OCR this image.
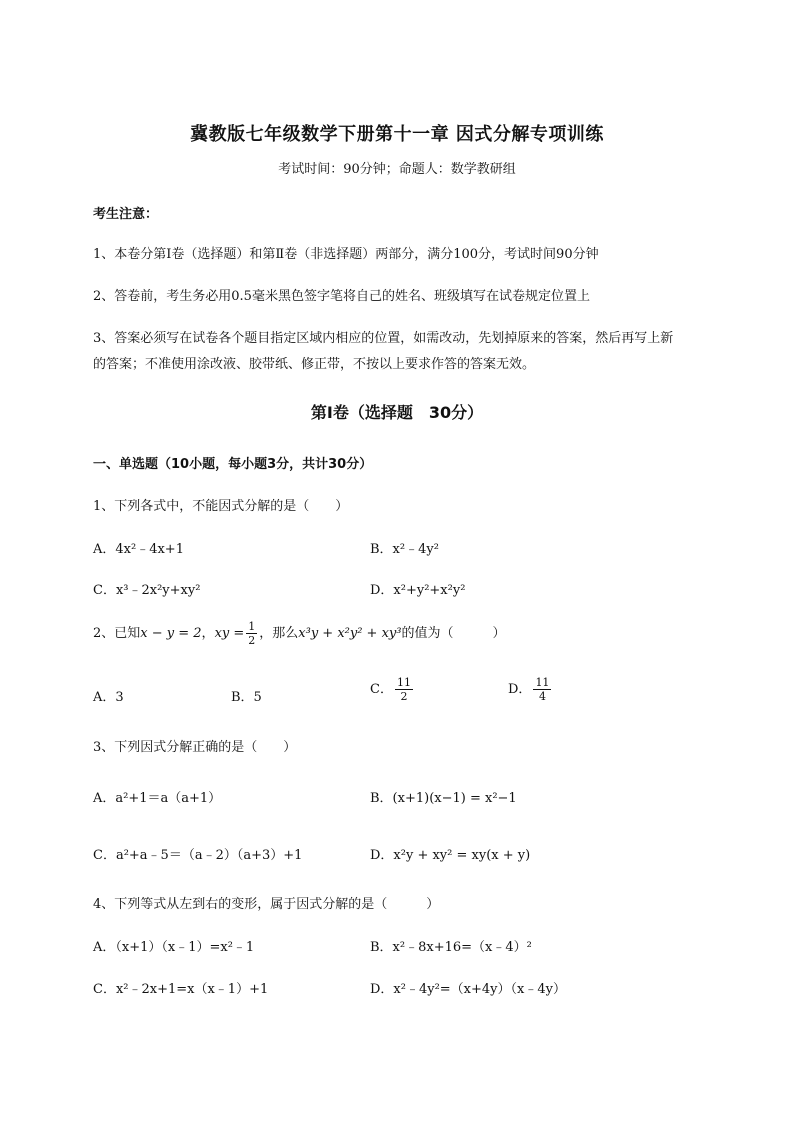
冀教版七年级数学下册第十一章 因式分解专项训练
考试时间：90分钟；命题人：数学教研组
考生注意：
1、本卷分第Ⅰ卷（选择题）和第Ⅱ卷（非选择题）两部分，满分100分，考试时间90分钟
2、答卷前，考生务必用0.5毫米黑色签字笔将自己的姓名、班级填写在试卷规定位置上
3、答案必须写在试卷各个题目指定区域内相应的位置，如需改动，先划掉原来的答案，然后再写上新
的答案；不准使用涂改液、胶带纸、修正带，不按以上要求作答的答案无效。
第Ⅰ卷（选择题　30分）
一、单选题（10小题，每小题3分，共计30分）
1、下列各式中，不能因式分解的是（　　）
A．4x²﹣4x+1	B．x²﹣4y²
C．x³﹣2x²y+xy²	D．x²+y²+x²y²
2、已知x − y = 2，xy = $\frac{1}{2}$ ，那么x³y + x²y² + xy³的值为（　　　）
A．3	B．5
C． $\frac{11}{2}$	D． $\frac{11}{4}$
3、下列因式分解正确的是（　　）
A．a²+1＝a（a+1）	B．(x+1)(x−1) = x²−1
C．a²+a﹣5＝（a﹣2）（a+3）+1	D．x²y + xy² = xy(x + y)
4、下列等式从左到右的变形，属于因式分解的是（　　　）
A．（x+1）（x﹣1）=x²﹣1	B．x²﹣8x+16=（x﹣4）²
C．x²﹣2x+1=x（x﹣1）+1	D．x²﹣4y²=（x+4y）（x﹣4y）
